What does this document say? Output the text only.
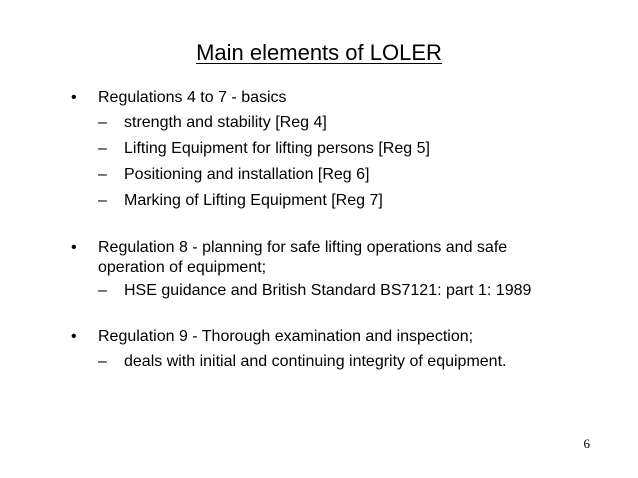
Main elements of LOLER
•	Regulations 4 to 7 - basics
– strength and stability [Reg 4]
– Lifting Equipment for lifting persons [Reg 5]
– Positioning and installation [Reg 6]
– Marking of Lifting Equipment [Reg 7]
•	Regulation 8 - planning for safe lifting operations and safe operation of equipment;
– HSE guidance and British Standard BS7121: part 1: 1989
•	Regulation 9 - Thorough examination and inspection;
– deals with initial and continuing integrity of equipment.
6
